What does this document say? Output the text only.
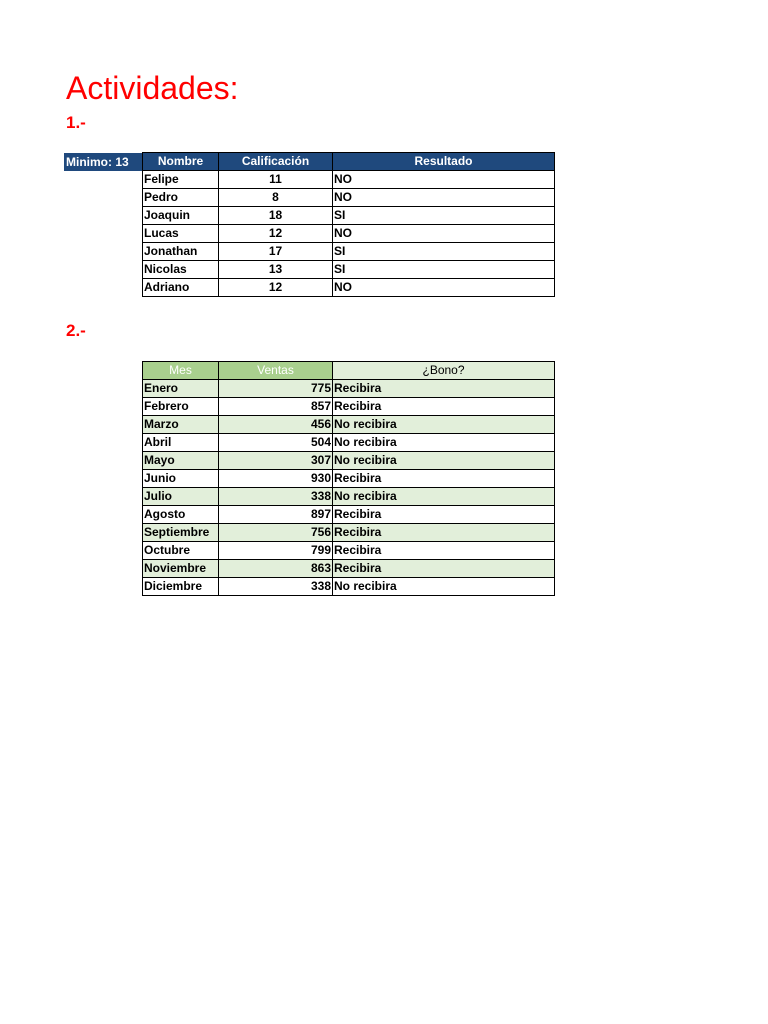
Actividades:
1.-
Minimo: 13	Nombre	Calificación	Resultado
Felipe	11	NO
Pedro	8	NO
Joaquin	18	SI
Lucas	12	NO
Jonathan	17	SI
Nicolas	13	SI
Adriano	12	NO
2.-
Mes	Ventas	¿Bono?
Enero	775	Recibira
Febrero	857	Recibira
Marzo	456	No recibira
Abril	504	No recibira
Mayo	307	No recibira
Junio	930	Recibira
Julio	338	No recibira
Agosto	897	Recibira
Septiembre	756	Recibira
Octubre	799	Recibira
Noviembre	863	Recibira
Diciembre	338	No recibira
